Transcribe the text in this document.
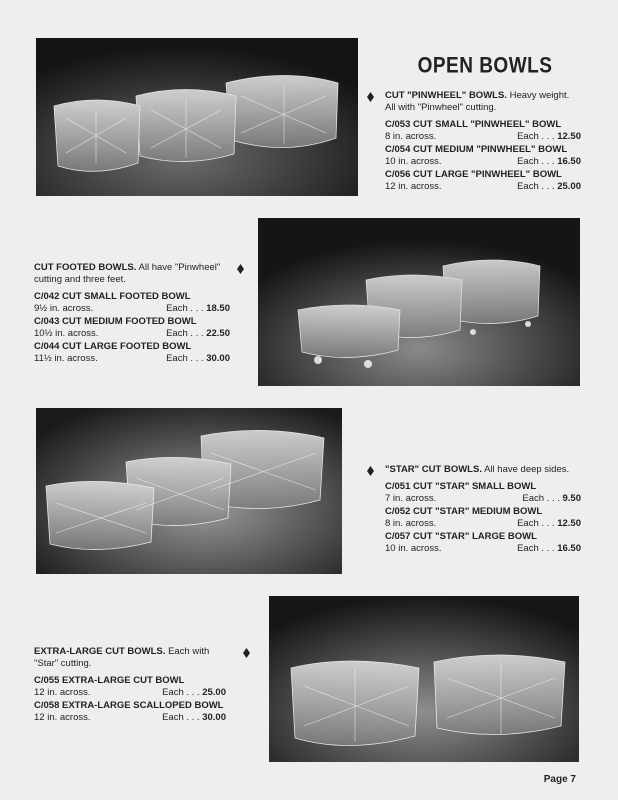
OPEN BOWLS
CUT "PINWHEEL" BOWLS. Heavy weight. All with "Pinwheel" cutting.
C/053 CUT SMALL "PINWHEEL" BOWL
8 in. across.	Each . . . 12.50
C/054 CUT MEDIUM "PINWHEEL" BOWL
10 in. across.	Each . . . 16.50
C/056 CUT LARGE "PINWHEEL" BOWL
12 in. across.	Each . . . 25.00
CUT FOOTED BOWLS. All have "Pinwheel" cutting and three feet.
C/042 CUT SMALL FOOTED BOWL
9½ in. across.	Each . . . 18.50
C/043 CUT MEDIUM FOOTED BOWL
10½ in. across.	Each . . . 22.50
C/044 CUT LARGE FOOTED BOWL
11½ in. across.	Each . . . 30.00
"STAR" CUT BOWLS. All have deep sides.
C/051 CUT "STAR" SMALL BOWL
7 in. across.	Each . . . 9.50
C/052 CUT "STAR" MEDIUM BOWL
8 in. across.	Each . . . 12.50
C/057 CUT "STAR" LARGE BOWL
10 in. across.	Each . . . 16.50
EXTRA-LARGE CUT BOWLS. Each with "Star" cutting.
C/055 EXTRA-LARGE CUT BOWL
12 in. across.	Each . . . 25.00
C/058 EXTRA-LARGE SCALLOPED BOWL
12 in. across.	Each . . . 30.00
Page 7
